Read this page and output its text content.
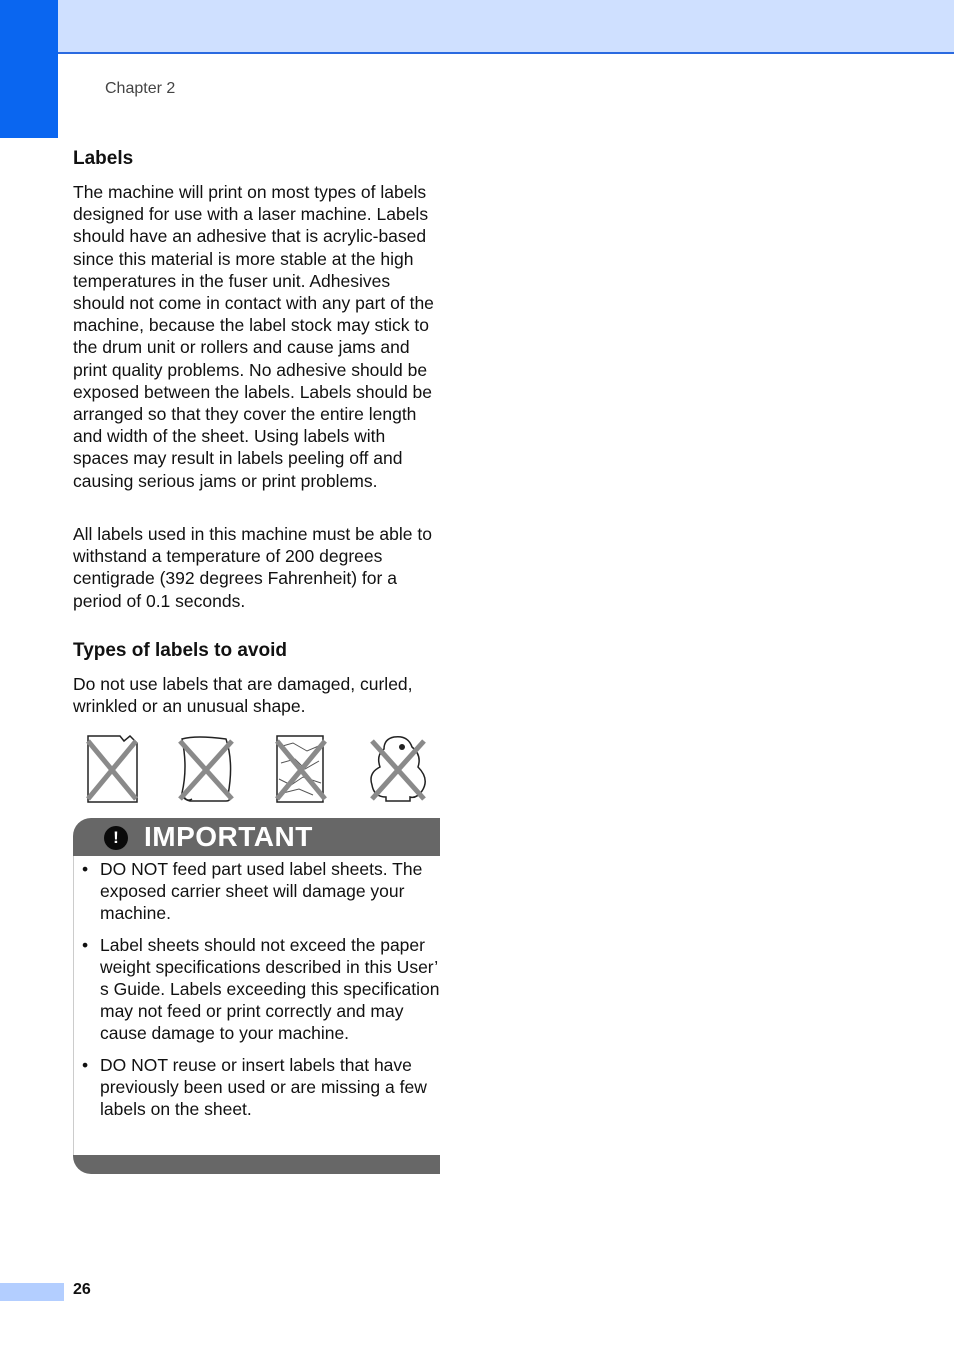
Chapter 2
Labels

The machine will print on most types of labels designed for use with a laser machine. Labels should have an adhesive that is acrylic-based since this material is more stable at the high temperatures in the fuser unit. Adhesives should not come in contact with any part of the machine, because the label stock may stick to the drum unit or rollers and cause jams and print quality problems. No adhesive should be exposed between the labels. Labels should be arranged so that they cover the entire length and width of the sheet. Using labels with spaces may result in labels peeling off and causing serious jams or print problems.

All labels used in this machine must be able to withstand a temperature of 200 degrees centigrade (392 degrees Fahrenheit) for a period of 0.1 seconds.

Types of labels to avoid

Do not use labels that are damaged, curled, wrinkled or an unusual shape.

! IMPORTANT
• DO NOT feed part used label sheets. The exposed carrier sheet will damage your machine.

• Label sheets should not exceed the paper weight specifications described in this User’ s Guide. Labels exceeding this specification may not feed or print correctly and may cause damage to your machine.

• DO NOT reuse or insert labels that have previously been used or are missing a few labels on the sheet.

26
